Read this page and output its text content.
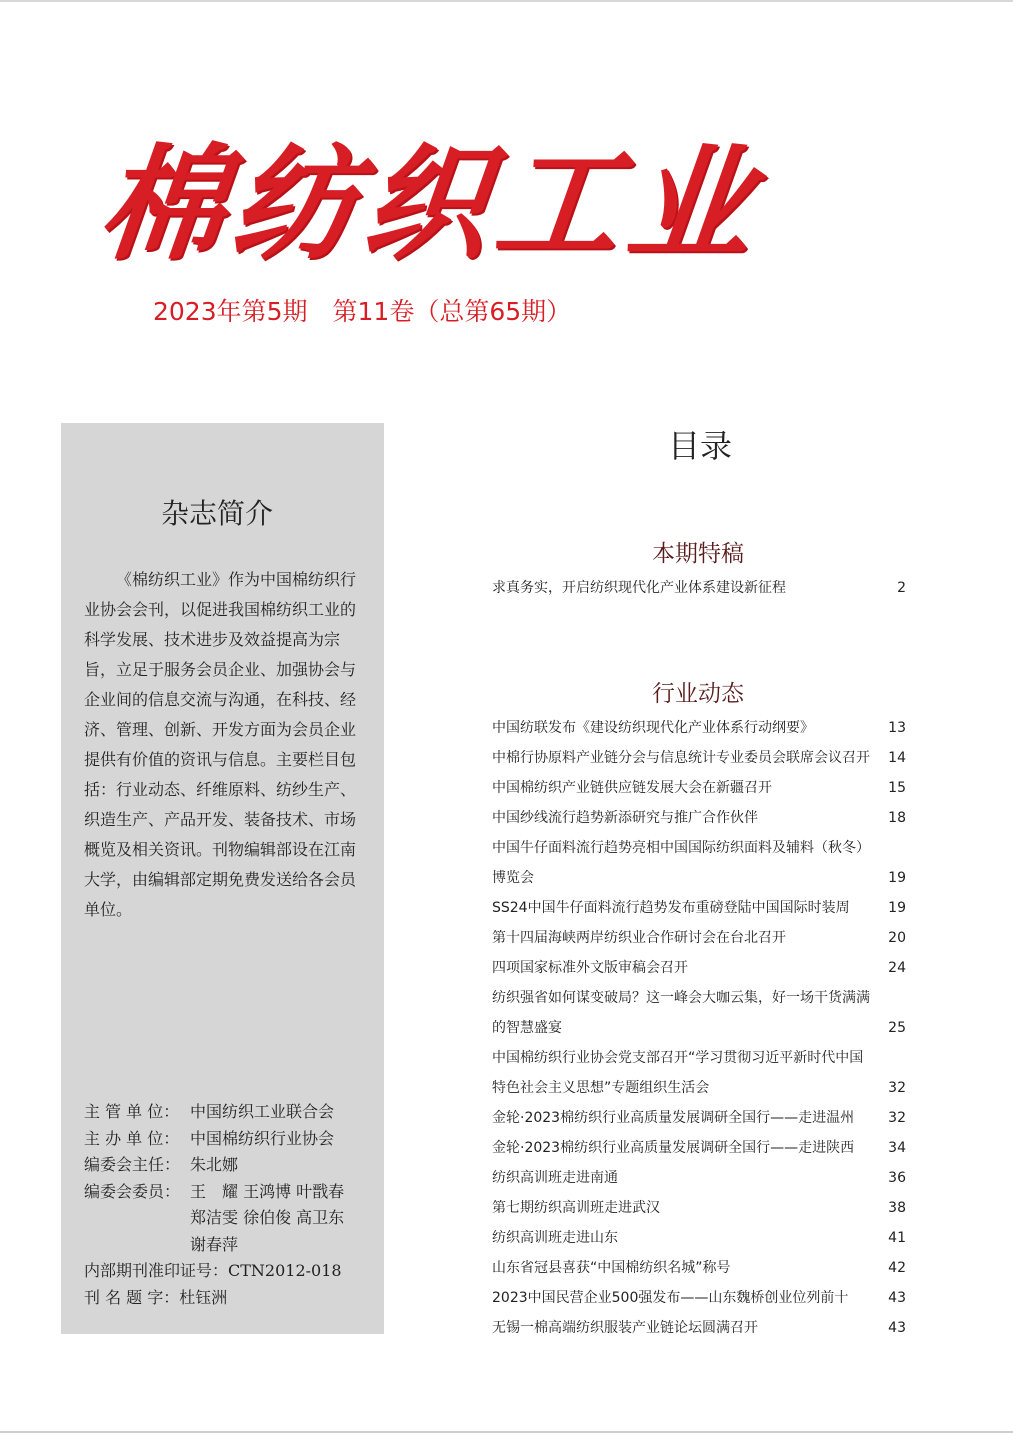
棉纺织工业
2023年第5期　第11卷（总第65期）
杂志简介
《棉纺织工业》作为中国棉纺织行业协会会刊，以促进我国棉纺织工业的科学发展、技术进步及效益提高为宗旨，立足于服务会员企业、加强协会与企业间的信息交流与沟通，在科技、经济、管理、创新、开发方面为会员企业提供有价值的资讯与信息。主要栏目包括：行业动态、纤维原料、纺纱生产、织造生产、产品开发、装备技术、市场概览及相关资讯。刊物编辑部设在江南大学，由编辑部定期免费发送给各会员单位。
主 管 单 位： 中国纺织工业联合会
主 办 单 位： 中国棉纺织行业协会
编委会主任： 朱北娜
编委会委员： 王　耀 王鸿博 叶戬春
郑洁雯 徐伯俊 高卫东
谢春萍
内部期刊准印证号：CTN2012-018
刊 名 题 字：杜钰洲
目录
本期特稿
求真务实，开启纺织现代化产业体系建设新征程	2
行业动态
中国纺联发布《建设纺织现代化产业体系行动纲要》	13
中棉行协原料产业链分会与信息统计专业委员会联席会议召开	14
中国棉纺织产业链供应链发展大会在新疆召开	15
中国纱线流行趋势新添研究与推广合作伙伴	18
中国牛仔面料流行趋势亮相中国国际纺织面料及辅料（秋冬）
博览会	19
SS24中国牛仔面料流行趋势发布重磅登陆中国国际时装周	19
第十四届海峡两岸纺织业合作研讨会在台北召开	20
四项国家标准外文版审稿会召开	24
纺织强省如何谋变破局？这一峰会大咖云集，好一场干货满满
的智慧盛宴	25
中国棉纺织行业协会党支部召开“学习贯彻习近平新时代中国
特色社会主义思想”专题组织生活会	32
金轮·2023棉纺织行业高质量发展调研全国行——走进温州	32
金轮·2023棉纺织行业高质量发展调研全国行——走进陕西	34
纺织高训班走进南通	36
第七期纺织高训班走进武汉	38
纺织高训班走进山东	41
山东省冠县喜获“中国棉纺织名城”称号	42
2023中国民营企业500强发布——山东魏桥创业位列前十	43
无锡一棉高端纺织服装产业链论坛圆满召开	43
